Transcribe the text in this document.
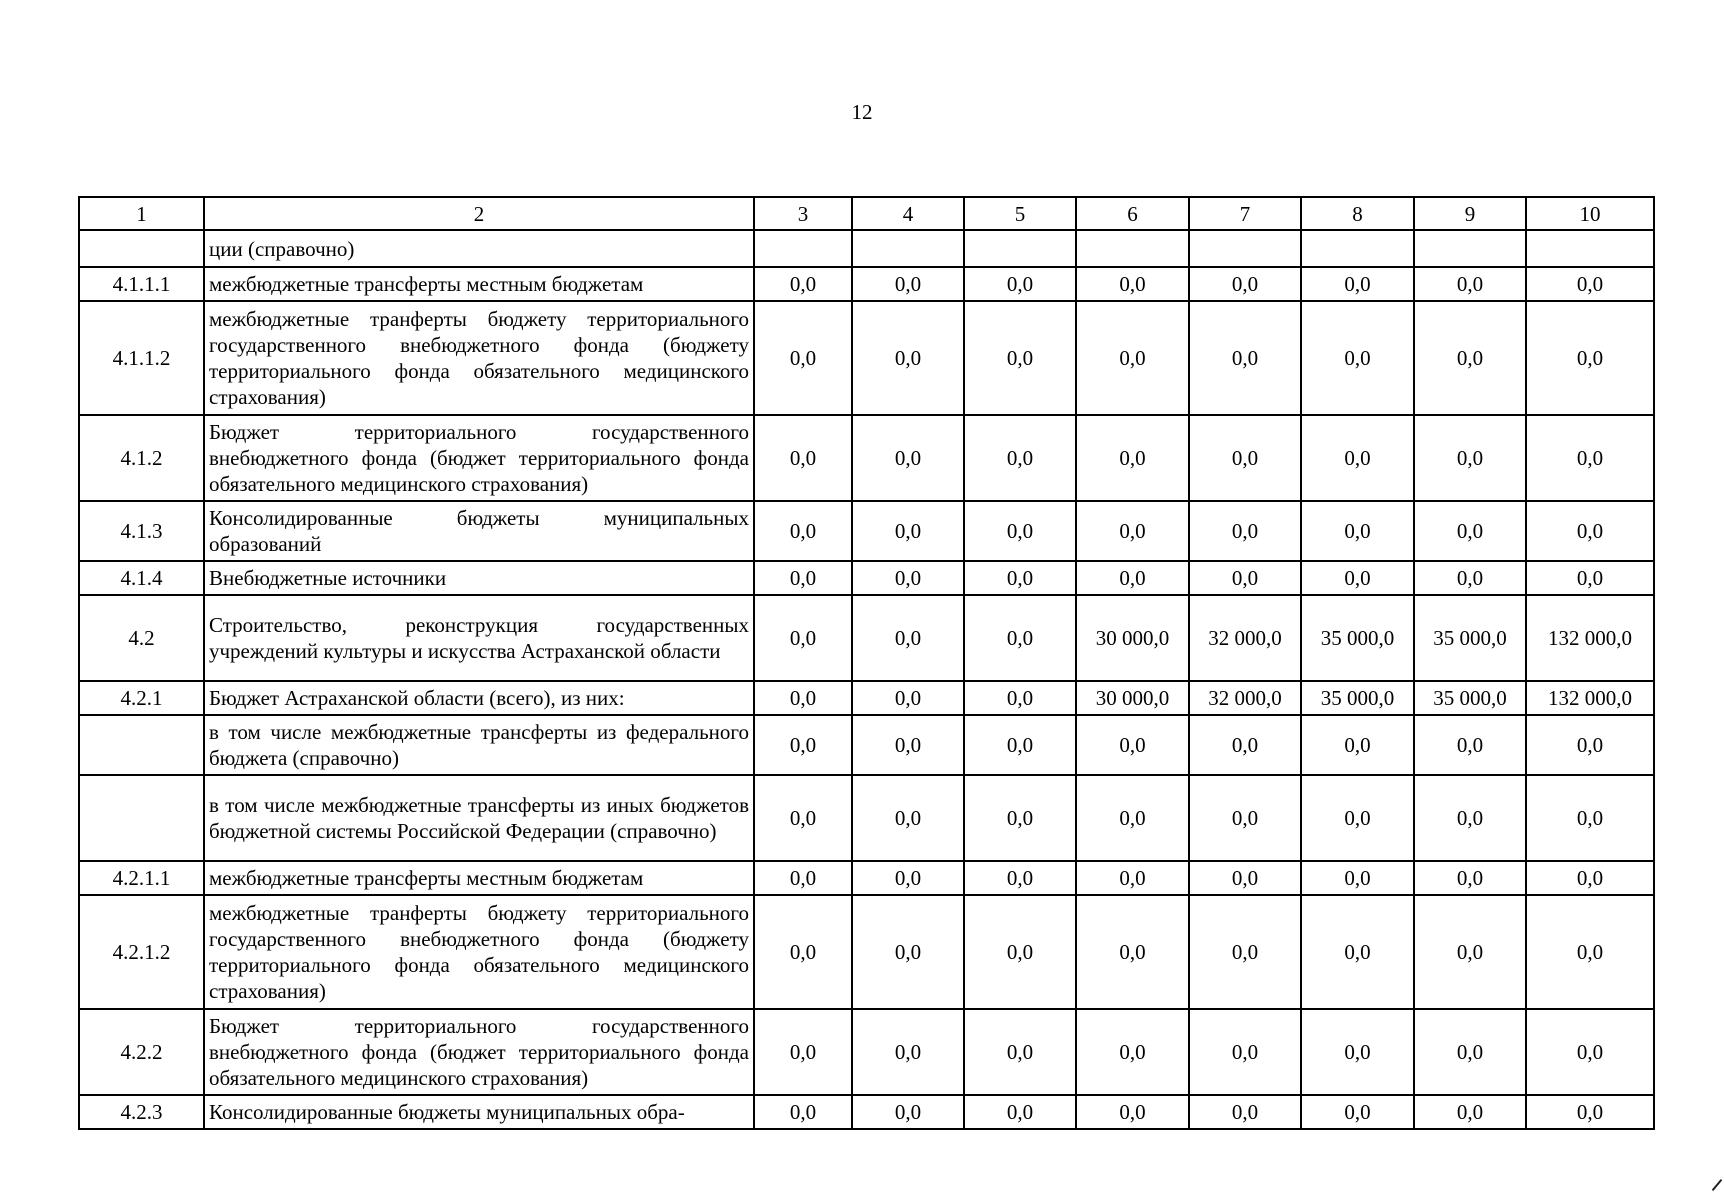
12
1	2	3	4	5	6	7	8	9	10
	ции (справочно)								
4.1.1.1	межбюджетные трансферты местным бюджетам	0,0	0,0	0,0	0,0	0,0	0,0	0,0	0,0
4.1.1.2	межбюджетные транферты бюджету территориального государственного внебюджетного фонда (бюджету территориального фонда обязательного медицинского страхования)	0,0	0,0	0,0	0,0	0,0	0,0	0,0	0,0
4.1.2	Бюджет территориального государственного внебюджетного фонда (бюджет территориального фонда обязательного медицинского страхования)	0,0	0,0	0,0	0,0	0,0	0,0	0,0	0,0
4.1.3	Консолидированные бюджеты муниципальных образований	0,0	0,0	0,0	0,0	0,0	0,0	0,0	0,0
4.1.4	Внебюджетные источники	0,0	0,0	0,0	0,0	0,0	0,0	0,0	0,0
4.2	Строительство, реконструкция государственных учреждений культуры и искусства Астраханской области	0,0	0,0	0,0	30 000,0	32 000,0	35 000,0	35 000,0	132 000,0
4.2.1	Бюджет Астраханской области (всего), из них:	0,0	0,0	0,0	30 000,0	32 000,0	35 000,0	35 000,0	132 000,0
	в том числе межбюджетные трансферты из федерального бюджета (справочно)	0,0	0,0	0,0	0,0	0,0	0,0	0,0	0,0
	в том числе межбюджетные трансферты из иных бюджетов бюджетной системы Российской Федерации (справочно)	0,0	0,0	0,0	0,0	0,0	0,0	0,0	0,0
4.2.1.1	межбюджетные трансферты местным бюджетам	0,0	0,0	0,0	0,0	0,0	0,0	0,0	0,0
4.2.1.2	межбюджетные транферты бюджету территориального государственного внебюджетного фонда (бюджету территориального фонда обязательного медицинского страхования)	0,0	0,0	0,0	0,0	0,0	0,0	0,0	0,0
4.2.2	Бюджет территориального государственного внебюджетного фонда (бюджет территориального фонда обязательного медицинского страхования)	0,0	0,0	0,0	0,0	0,0	0,0	0,0	0,0
4.2.3	Консолидированные бюджеты муниципальных обра-	0,0	0,0	0,0	0,0	0,0	0,0	0,0	0,0
